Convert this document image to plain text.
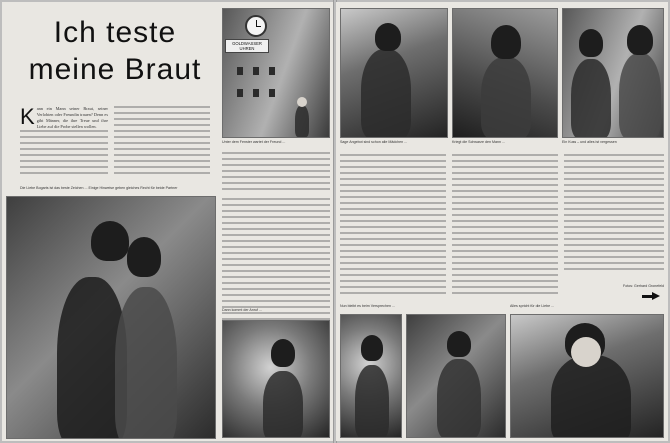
Ich teste
meine Braut
K ann ein Mann seiner Braut, seiner Verlobten oder Freundin trauen? Denn es gibt Männer, die ihre Treue und ihre Liebe auf die Probe stellen wollen.
GOLDWASSER UHREN
Unter dem Fenster wartet der Freund ...
Die Liebe Bogarts ist das beste Zeichen ... Einige Hinweise geben gleiches Recht für beide Partner
Dann kommt der Anruf ...
Sage Angebot sind schon alle Mädchen ...	Kriegt die Schwarze den Mann ...	Ein Kuss – und alles ist vergessen
Fotos: Gerhard Gronefeld
Nun bleibt es beim Versprechen ...	Alles spricht für die Liebe ...
